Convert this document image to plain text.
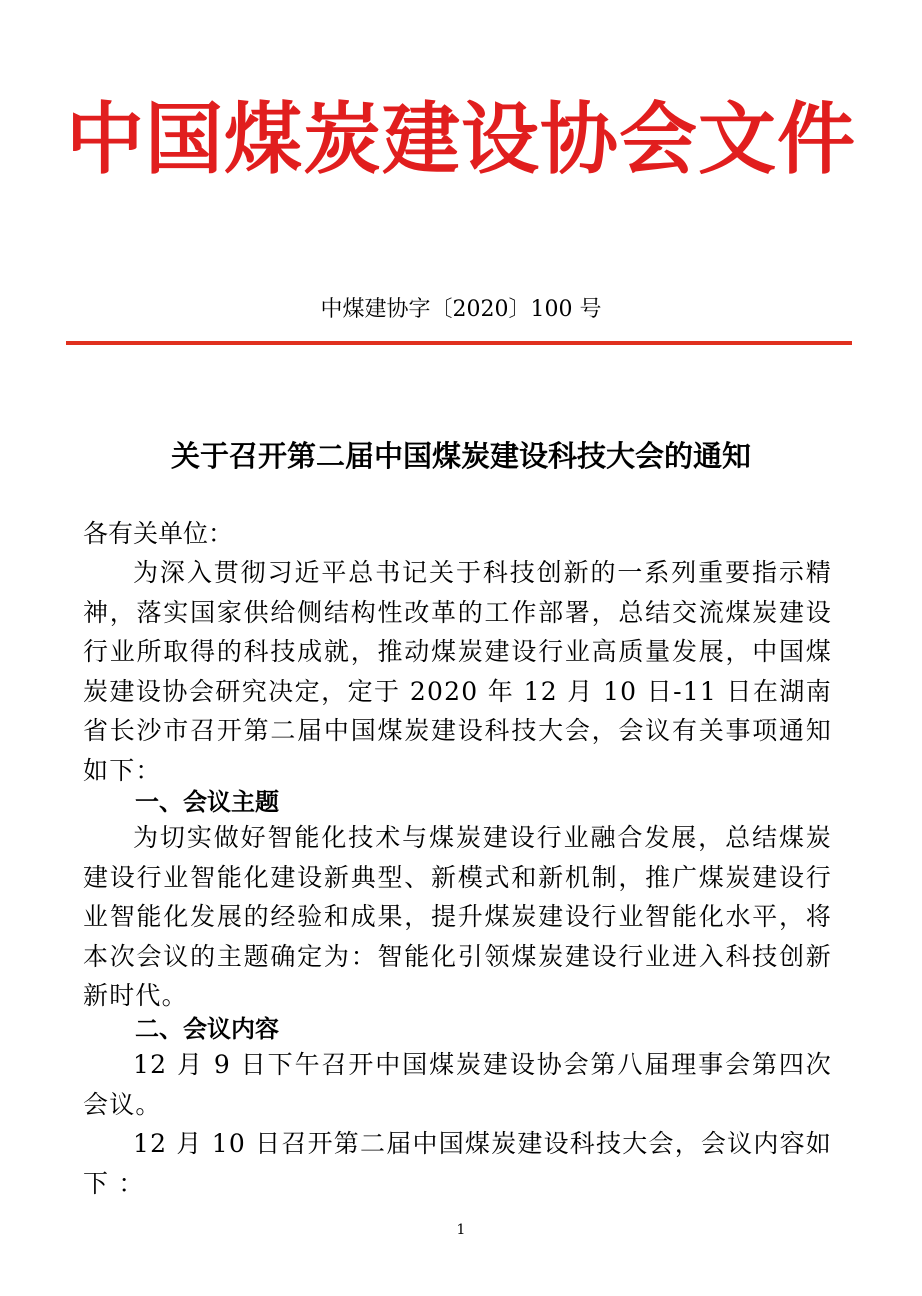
中国煤炭建设协会文件
中煤建协字〔2020〕100 号
关于召开第二届中国煤炭建设科技大会的通知
各有关单位：
为深入贯彻习近平总书记关于科技创新的一系列重要指示精神，落实国家供给侧结构性改革的工作部署，总结交流煤炭建设行业所取得的科技成就，推动煤炭建设行业高质量发展，中国煤炭建设协会研究决定，定于 2020 年 12 月 10 日-11 日在湖南省长沙市召开第二届中国煤炭建设科技大会，会议有关事项通知如下：
一、会议主题
为切实做好智能化技术与煤炭建设行业融合发展，总结煤炭建设行业智能化建设新典型、新模式和新机制，推广煤炭建设行业智能化发展的经验和成果，提升煤炭建设行业智能化水平，将本次会议的主题确定为：智能化引领煤炭建设行业进入科技创新新时代。
二、会议内容
12 月 9 日下午召开中国煤炭建设协会第八届理事会第四次会议。
12 月 10 日召开第二届中国煤炭建设科技大会，会议内容如下 ：
1
